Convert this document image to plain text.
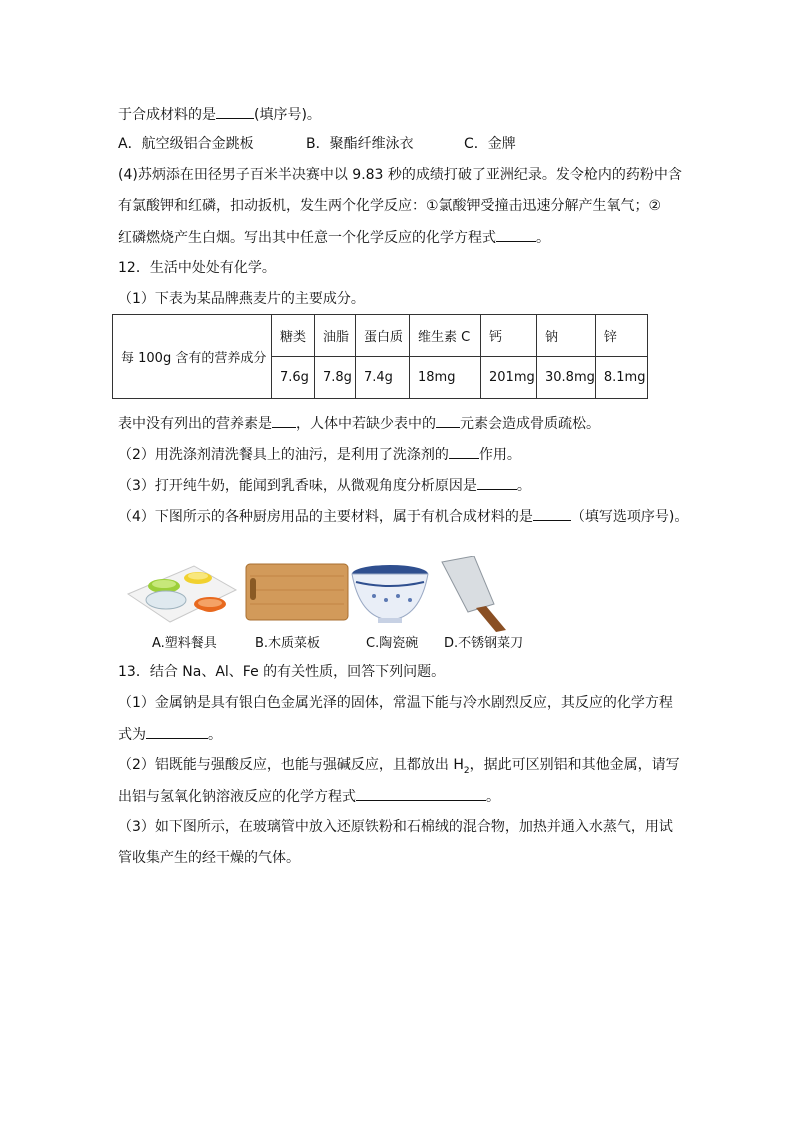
于合成材料的是	(填序号)。
A．航空级铝合金跳板	B．聚酯纤维泳衣	C．金牌
(4)苏炳添在田径男子百米半决赛中以 9.83 秒的成绩打破了亚洲纪录。发令枪内的药粉中含
有氯酸钾和红磷，扣动扳机，发生两个化学反应：①氯酸钾受撞击迅速分解产生氧气；②
红磷燃烧产生白烟。写出其中任意一个化学反应的化学方程式	。
12．生活中处处有化学。
（1）下表为某品牌燕麦片的主要成分。
每 100g 含有的营养成分	糖类	油脂	蛋白质	维生素 C	钙	钠	锌
	7.6g	7.8g	7.4g	18mg	201mg	30.8mg	8.1mg
表中没有列出的营养素是 ，人体中若缺少表中的 元素会造成骨质疏松。
（2）用洗涤剂清洗餐具上的油污，是利用了洗涤剂的 作用。
（3）打开纯牛奶，能闻到乳香味，从微观角度分析原因是	。
（4）下图所示的各种厨房用品的主要材料，属于有机合成材料的是	（填写选项序号)。
A.塑料餐具	B.木质菜板	C.陶瓷碗 D.不锈钢菜刀
13．结合 Na、Al、Fe 的有关性质，回答下列问题。
（1）金属钠是具有银白色金属光泽的固体，常温下能与冷水剧烈反应，其反应的化学方程
式为	。
（2）铝既能与强酸反应，也能与强碱反应，且都放出 $H_2$，据此可区别铝和其他金属，请写
出铝与氢氧化钠溶液反应的化学方程式	。
（3）如下图所示，在玻璃管中放入还原铁粉和石棉绒的混合物，加热并通入水蒸气，用试
管收集产生的经干燥的气体。
